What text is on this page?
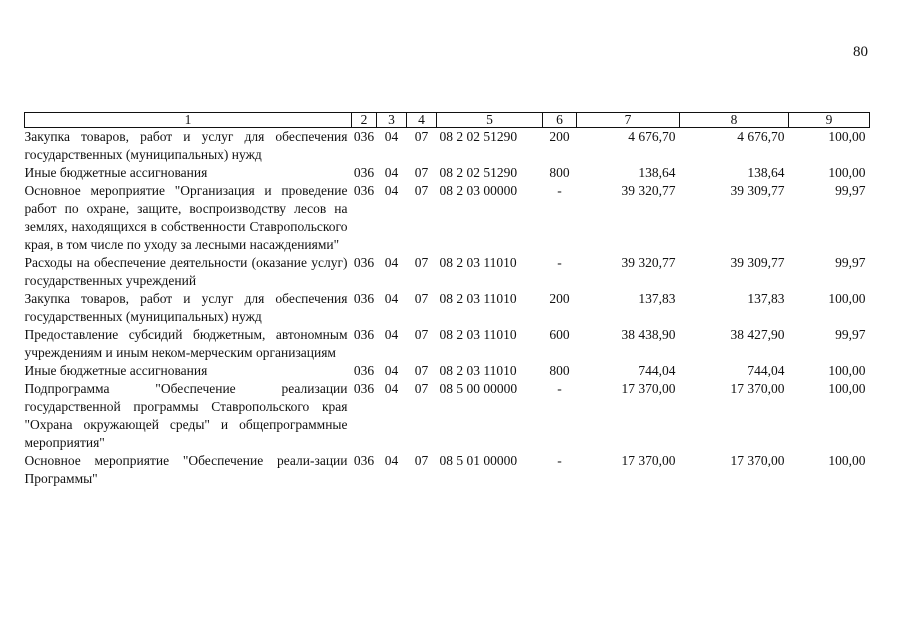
80
1	2	3	4	5	6	7	8	9
Закупка товаров, работ и услуг для обеспечения государственных (муниципальных) нужд	036	04	07	08 2 02 51290	200	4 676,70	4 676,70	100,00
Иные бюджетные ассигнования	036	04	07	08 2 02 51290	800	138,64	138,64	100,00
Основное мероприятие "Организация и проведение работ по охране, защите, воспроизводству лесов на землях, находящихся в собственности Ставропольского края, в том числе по уходу за лесными насаждениями"	036	04	07	08 2 03 00000	-	39 320,77	39 309,77	99,97
Расходы на обеспечение деятельности (оказание услуг) государственных учреждений	036	04	07	08 2 03 11010	-	39 320,77	39 309,77	99,97
Закупка товаров, работ и услуг для обеспечения государственных (муниципальных) нужд	036	04	07	08 2 03 11010	200	137,83	137,83	100,00
Предоставление субсидий бюджетным, автономным учреждениям и иным неком-мерческим организациям	036	04	07	08 2 03 11010	600	38 438,90	38 427,90	99,97
Иные бюджетные ассигнования	036	04	07	08 2 03 11010	800	744,04	744,04	100,00
Подпрограмма "Обеспечение реализации государственной программы Ставропольского края "Охрана окружающей среды" и общепрограммные мероприятия"	036	04	07	08 5 00 00000	-	17 370,00	17 370,00	100,00
Основное мероприятие "Обеспечение реали-зации Программы"	036	04	07	08 5 01 00000	-	17 370,00	17 370,00	100,00
